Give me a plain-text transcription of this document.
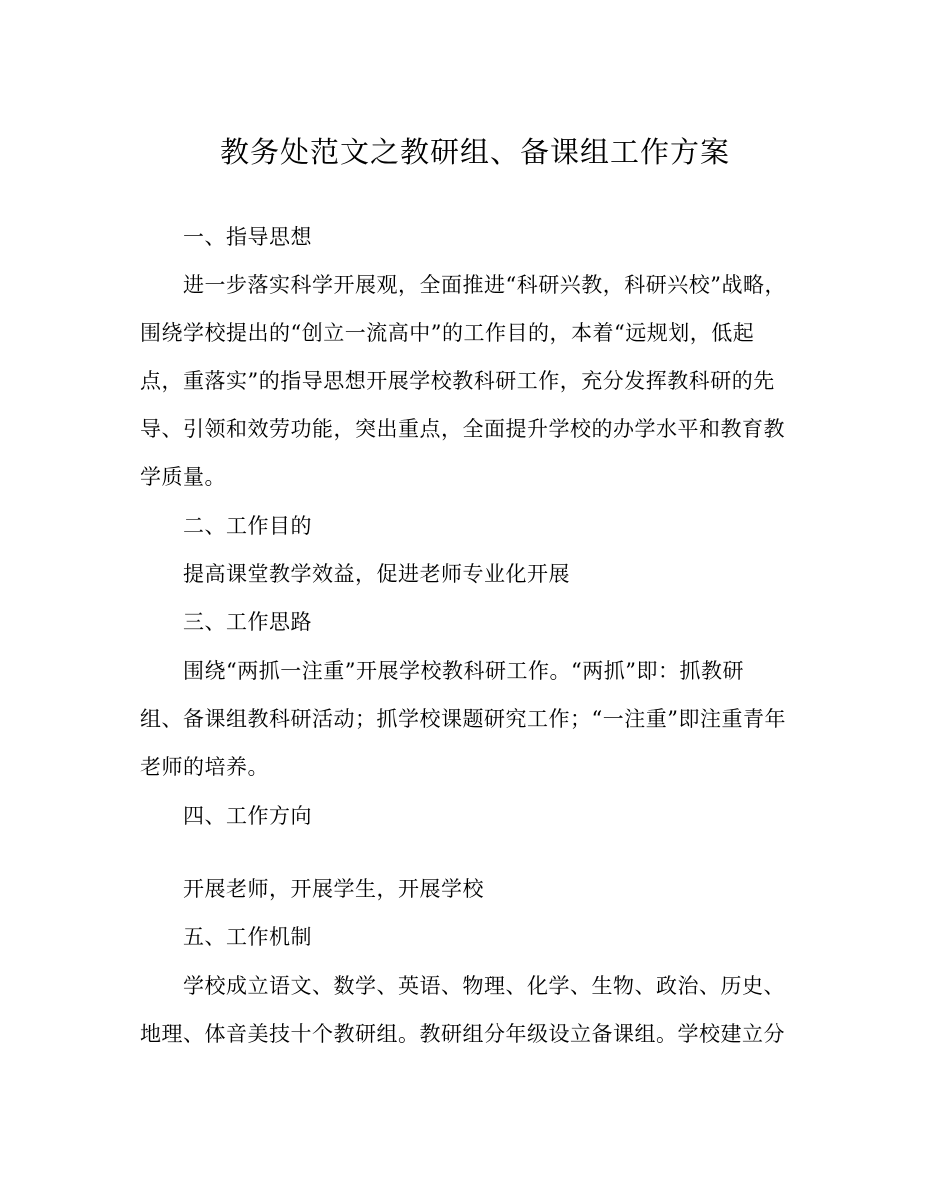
教务处范文之教研组、备课组工作方案
一、指导思想
进一步落实科学开展观，全面推进“科研兴教，科研兴校”战略，
围绕学校提出的“创立一流高中”的工作目的，本着“远规划，低起
点，重落实”的指导思想开展学校教科研工作，充分发挥教科研的先
导、引领和效劳功能，突出重点，全面提升学校的办学水平和教育教
学质量。
二、工作目的
提高课堂教学效益，促进老师专业化开展
三、工作思路
围绕“两抓一注重”开展学校教科研工作。“两抓”即：抓教研
组、备课组教科研活动；抓学校课题研究工作；“一注重”即注重青年
老师的培养。
四、工作方向
开展老师，开展学生，开展学校
五、工作机制
学校成立语文、数学、英语、物理、化学、生物、政治、历史、
地理、体音美技十个教研组。教研组分年级设立备课组。学校建立分
